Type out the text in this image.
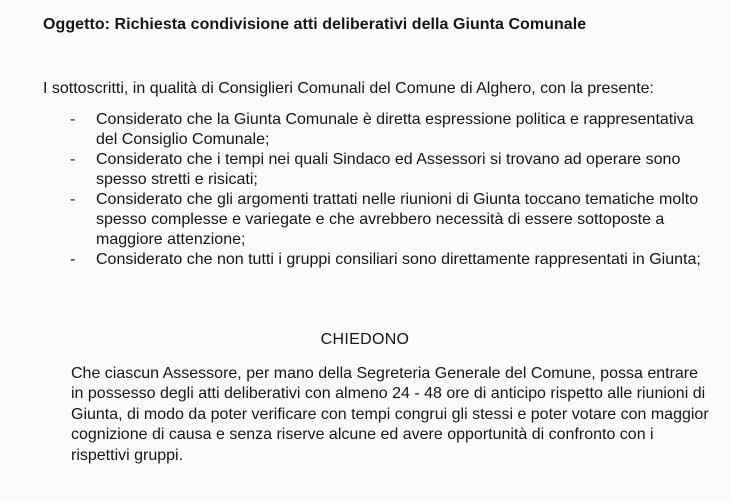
Oggetto: Richiesta condivisione atti deliberativi della Giunta Comunale
I sottoscritti, in qualità di Consiglieri Comunali del Comune di Alghero, con la presente:
- Considerato che la Giunta Comunale è diretta espressione politica e rappresentativa del Consiglio Comunale;
- Considerato che i tempi nei quali Sindaco ed Assessori si trovano ad operare sono spesso stretti e risicati;
- Considerato che gli argomenti trattati nelle riunioni di Giunta toccano tematiche molto spesso complesse e variegate e che avrebbero necessità di essere sottoposte a maggiore attenzione;
- Considerato che non tutti i gruppi consiliari sono direttamente rappresentati in Giunta;
CHIEDONO
Che ciascun Assessore, per mano della Segreteria Generale del Comune, possa entrare in possesso degli atti deliberativi con almeno 24 - 48 ore di anticipo rispetto alle riunioni di Giunta, di modo da poter verificare con tempi congrui gli stessi e poter votare con maggior cognizione di causa e senza riserve alcune ed avere opportunità di confronto con i rispettivi gruppi.
